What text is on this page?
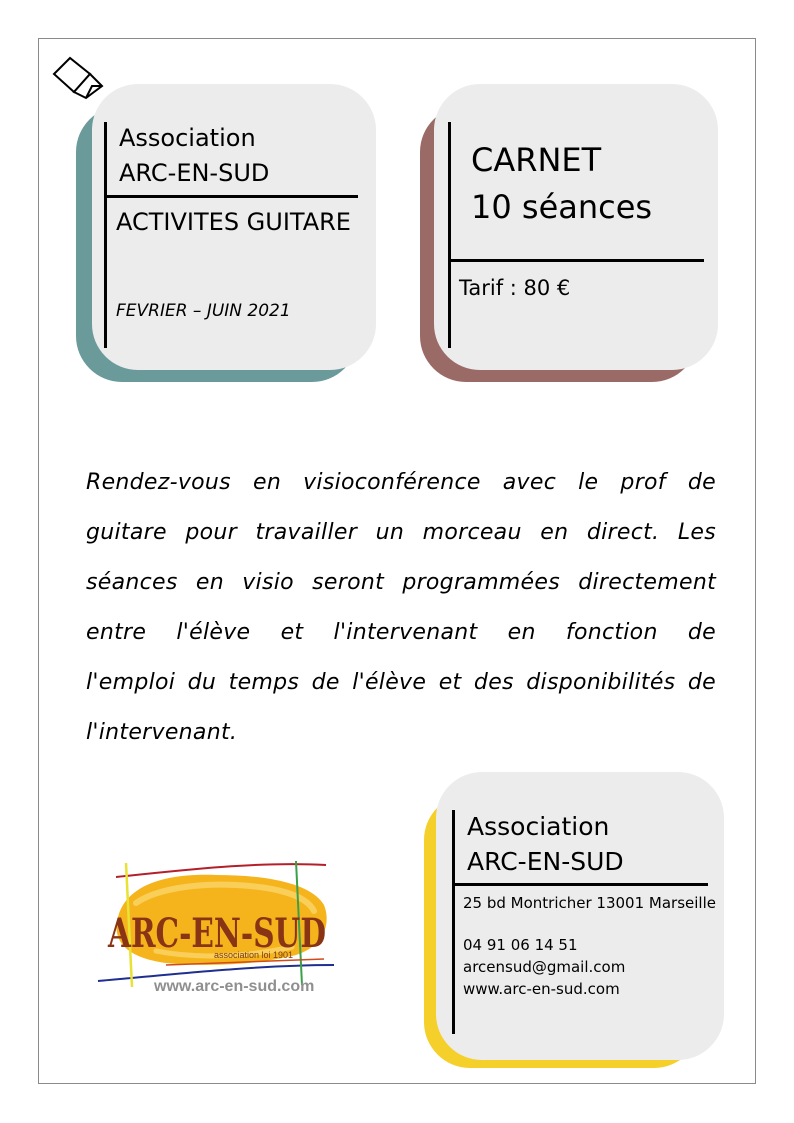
Association
ARC-EN-SUD
ACTIVITES GUITARE
FEVRIER – JUIN 2021
CARNET
10 séances
Tarif : 80 €
Rendez-vous en visioconférence avec le prof de
guitare pour travailler un morceau en direct. Les
séances en visio seront programmées directement
entre l'élève et l'intervenant en fonction de
l'emploi du temps de l'élève et des disponibilités de
l'intervenant.
ARC-EN-SUD
association loi 1901
www.arc-en-sud.com
Association
ARC-EN-SUD
25 bd Montricher 13001 Marseille
04 91 06 14 51
arcensud@gmail.com
www.arc-en-sud.com
